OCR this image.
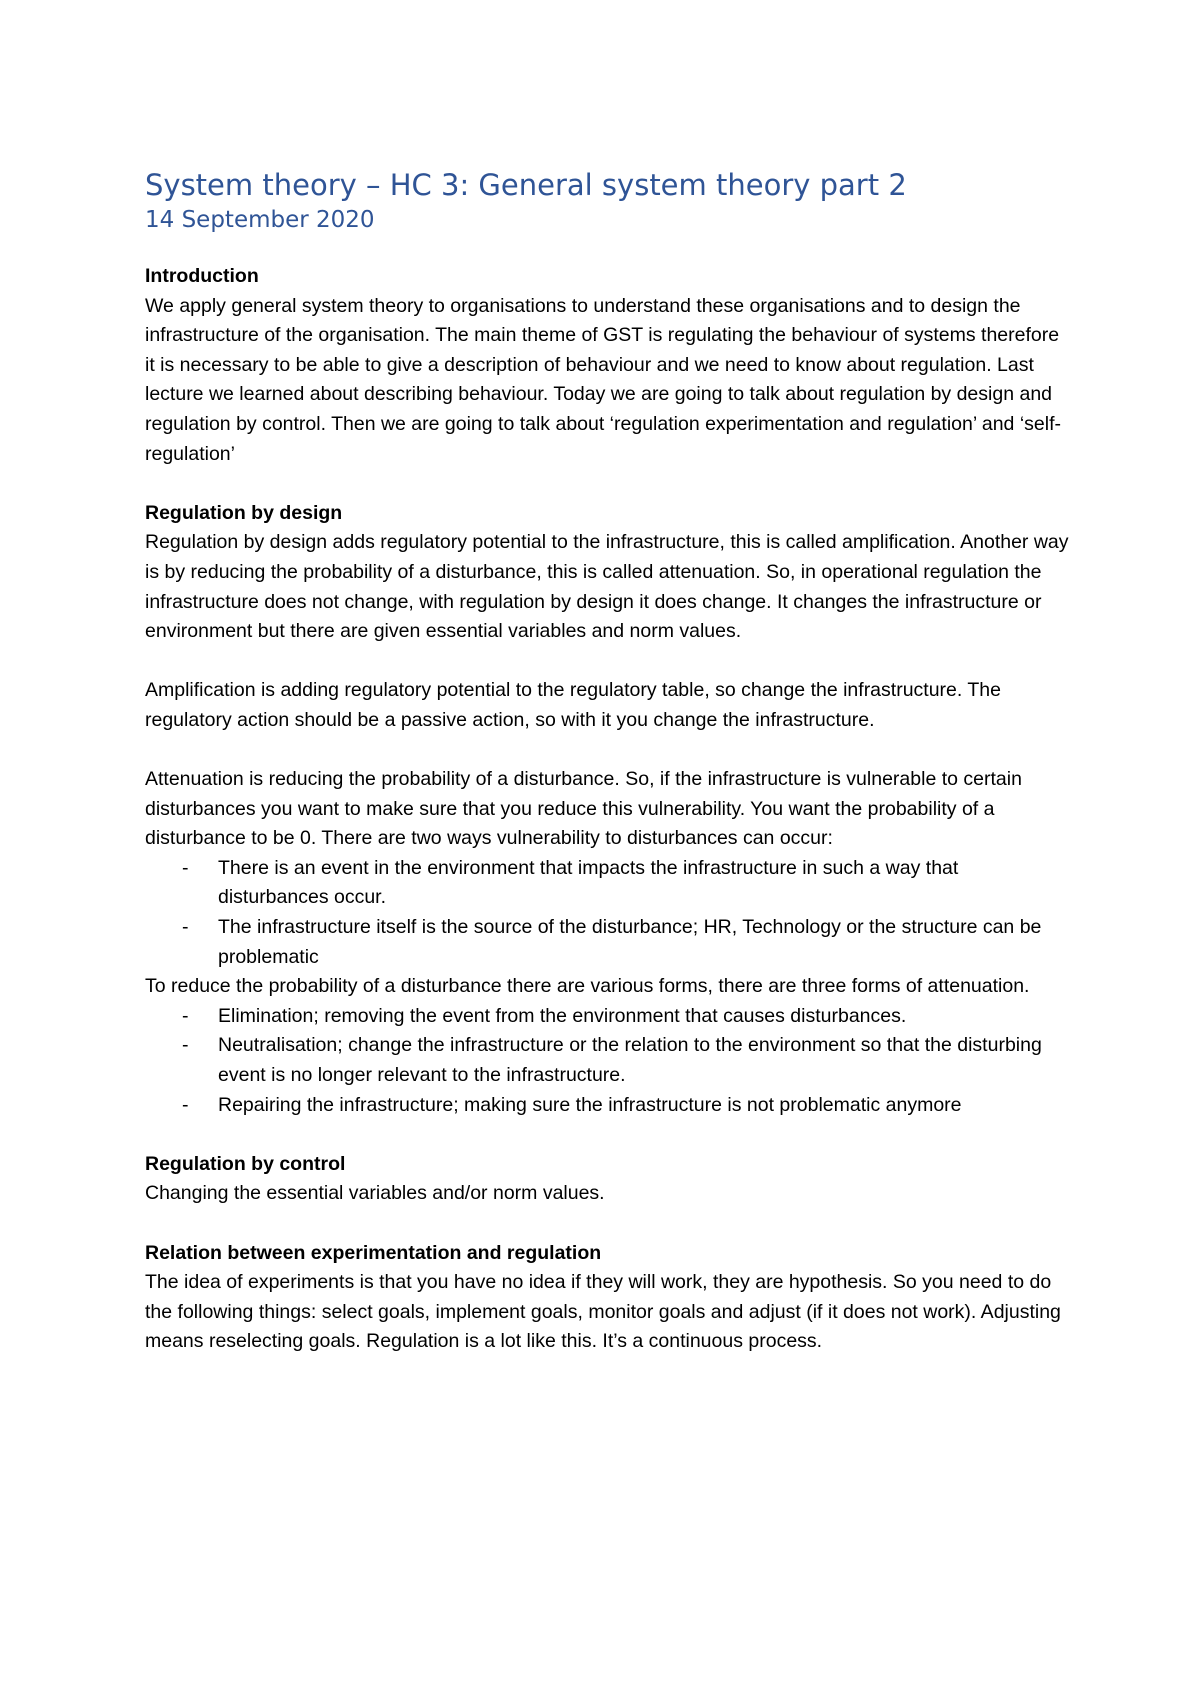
System theory – HC 3: General system theory part 2
14 September 2020
Introduction

We apply general system theory to organisations to understand these organisations and to design the infrastructure of the organisation. The main theme of GST is regulating the behaviour of systems therefore it is necessary to be able to give a description of behaviour and we need to know about regulation. Last lecture we learned about describing behaviour. Today we are going to talk about regulation by design and regulation by control. Then we are going to talk about ‘regulation experimentation and regulation’ and ‘self-regulation’

Regulation by design

Regulation by design adds regulatory potential to the infrastructure, this is called amplification. Another way is by reducing the probability of a disturbance, this is called attenuation. So, in operational regulation the infrastructure does not change, with regulation by design it does change. It changes the infrastructure or environment but there are given essential variables and norm values.

Amplification is adding regulatory potential to the regulatory table, so change the infrastructure. The regulatory action should be a passive action, so with it you change the infrastructure.

Attenuation is reducing the probability of a disturbance. So, if the infrastructure is vulnerable to certain disturbances you want to make sure that you reduce this vulnerability. You want the probability of a disturbance to be 0. There are two ways vulnerability to disturbances can occur:

- There is an event in the environment that impacts the infrastructure in such a way that disturbances occur.
- The infrastructure itself is the source of the disturbance; HR, Technology or the structure can be problematic

To reduce the probability of a disturbance there are various forms, there are three forms of attenuation.

- Elimination; removing the event from the environment that causes disturbances.
- Neutralisation; change the infrastructure or the relation to the environment so that the disturbing event is no longer relevant to the infrastructure.
- Repairing the infrastructure; making sure the infrastructure is not problematic anymore
Regulation by control

Changing the essential variables and/or norm values.

Relation between experimentation and regulation

The idea of experiments is that you have no idea if they will work, they are hypothesis. So you need to do the following things: select goals, implement goals, monitor goals and adjust (if it does not work). Adjusting means reselecting goals. Regulation is a lot like this. It’s a continuous process.
